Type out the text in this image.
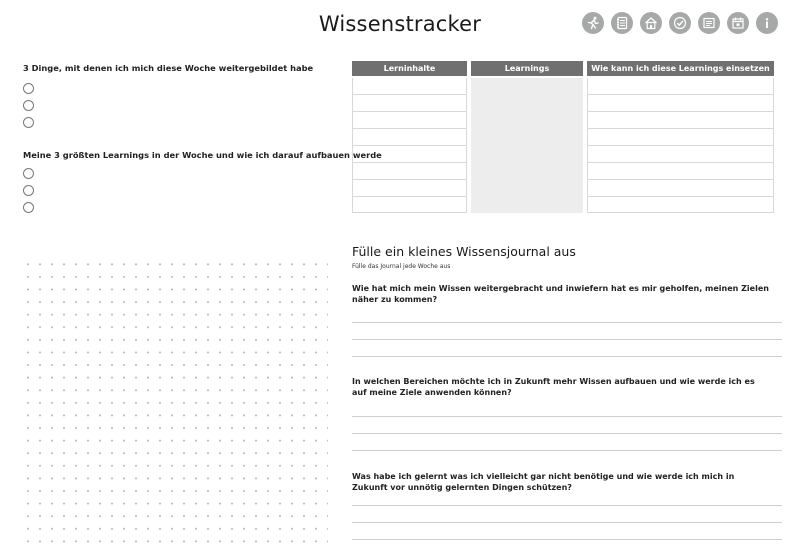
Wissenstracker
3 Dinge, mit denen ich mich diese Woche weitergebildet habe
Meine 3 größten Learnings in der Woche und wie ich darauf aufbauen werde
Lerninhalte	Learnings	Wie kann ich diese Learnings einsetzen
Fülle ein kleines Wissensjournal aus
Fülle das Journal jede Woche aus
Wie hat mich mein Wissen weitergebracht und inwiefern hat es mir geholfen, meinen Zielen näher zu kommen?
In welchen Bereichen möchte ich in Zukunft mehr Wissen aufbauen und wie werde ich es auf meine Ziele anwenden können?
Was habe ich gelernt was ich vielleicht gar nicht benötige und wie werde ich mich in Zukunft vor unnötig gelernten Dingen schützen?
